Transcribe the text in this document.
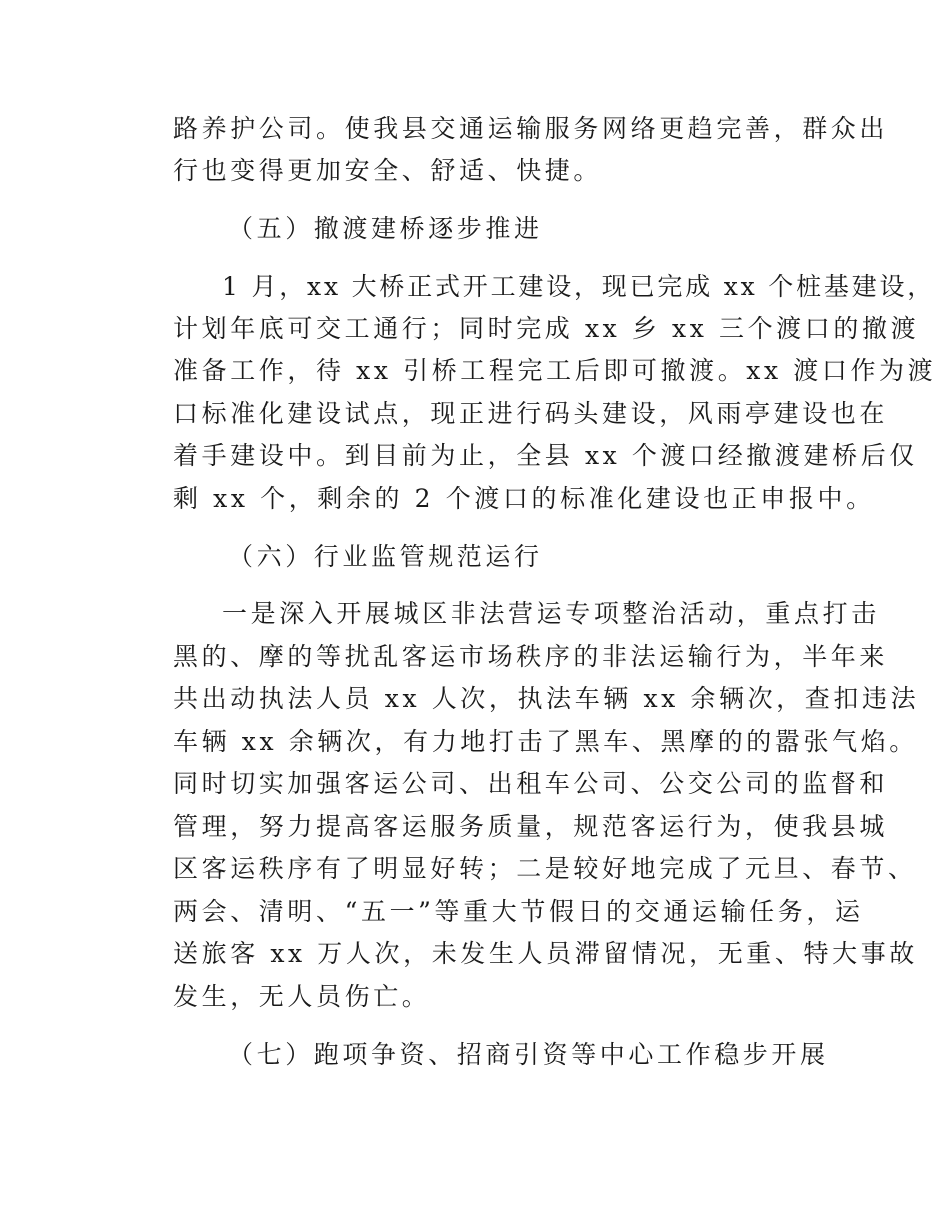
路养护公司。使我县交通运输服务网络更趋完善，群众出

行也变得更加安全、舒适、快捷。

（五）撤渡建桥逐步推进

1 月，xx 大桥正式开工建设，现已完成 xx 个桩基建设，

计划年底可交工通行；同时完成 xx 乡 xx 三个渡口的撤渡

准备工作，待 xx 引桥工程完工后即可撤渡。xx 渡口作为渡

口标准化建设试点，现正进行码头建设，风雨亭建设也在

着手建设中。到目前为止，全县 xx 个渡口经撤渡建桥后仅

剩 xx 个，剩余的 2 个渡口的标准化建设也正申报中。

（六）行业监管规范运行

一是深入开展城区非法营运专项整治活动，重点打击

黑的、摩的等扰乱客运市场秩序的非法运输行为，半年来

共出动执法人员 xx 人次，执法车辆 xx 余辆次，查扣违法

车辆 xx 余辆次，有力地打击了黑车、黑摩的的嚣张气焰。

同时切实加强客运公司、出租车公司、公交公司的监督和

管理，努力提高客运服务质量，规范客运行为，使我县城

区客运秩序有了明显好转；二是较好地完成了元旦、春节、

两会、清明、“五一”等重大节假日的交通运输任务，运

送旅客 xx 万人次，未发生人员滞留情况，无重、特大事故

发生，无人员伤亡。

（七）跑项争资、招商引资等中心工作稳步开展
